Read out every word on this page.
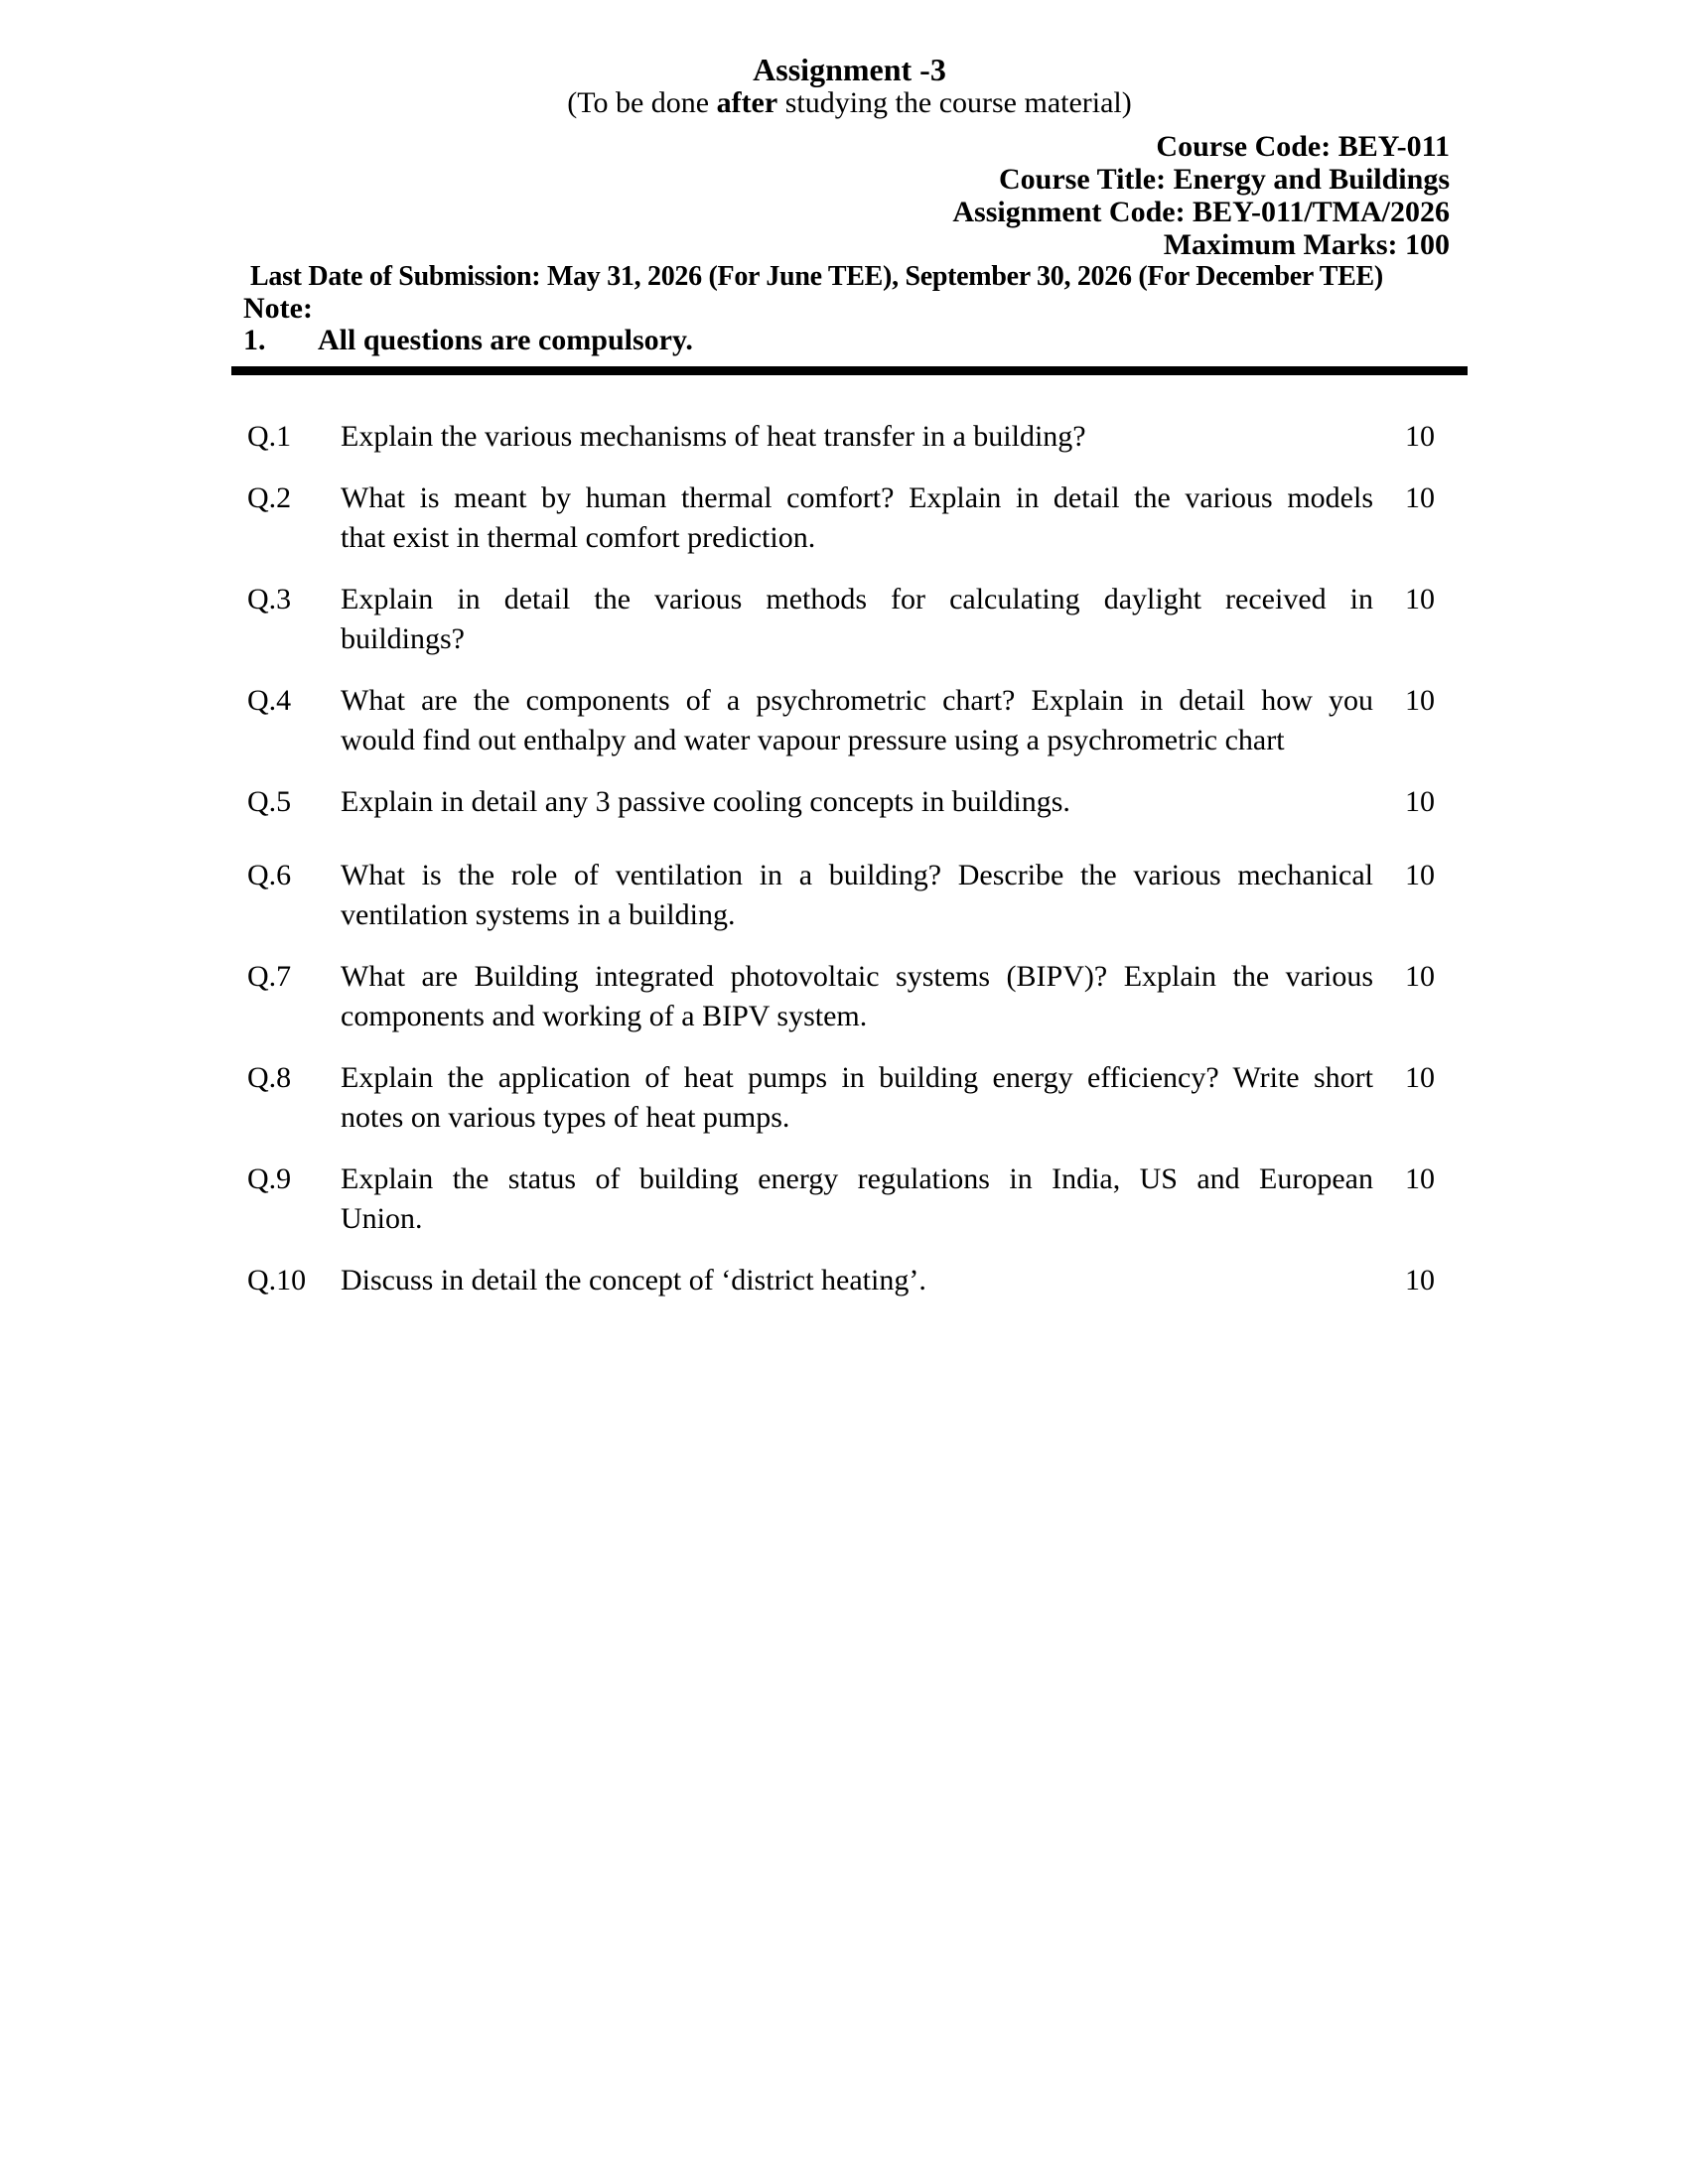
Assignment -3
(To be done after studying the course material)
Course Code: BEY-011
Course Title: Energy and Buildings
Assignment Code: BEY-011/TMA/2026
Maximum Marks: 100
Last Date of Submission: May 31, 2026 (For June TEE), September 30, 2026 (For December TEE)
Note:
1.	All questions are compulsory.
Q.1	Explain the various mechanisms of heat transfer in a building?	10
Q.2	What is meant by human thermal comfort? Explain in detail the various models
that exist in thermal comfort prediction.
10
Q.3	Explain in detail the various methods for calculating daylight received in
buildings?
10
Q.4	What are the components of a psychrometric chart? Explain in detail how you
would find out enthalpy and water vapour pressure using a psychrometric chart
10
Q.5	Explain in detail any 3 passive cooling concepts in buildings.	10
Q.6	What is the role of ventilation in a building? Describe the various mechanical
ventilation systems in a building.
10
Q.7	What are Building integrated photovoltaic systems (BIPV)? Explain the various
components and working of a BIPV system.
10
Q.8	Explain the application of heat pumps in building energy efficiency? Write short
notes on various types of heat pumps.
10
Q.9	Explain the status of building energy regulations in India, US and European
Union.
10
Q.10	Discuss in detail the concept of ‘district heating’.	10
